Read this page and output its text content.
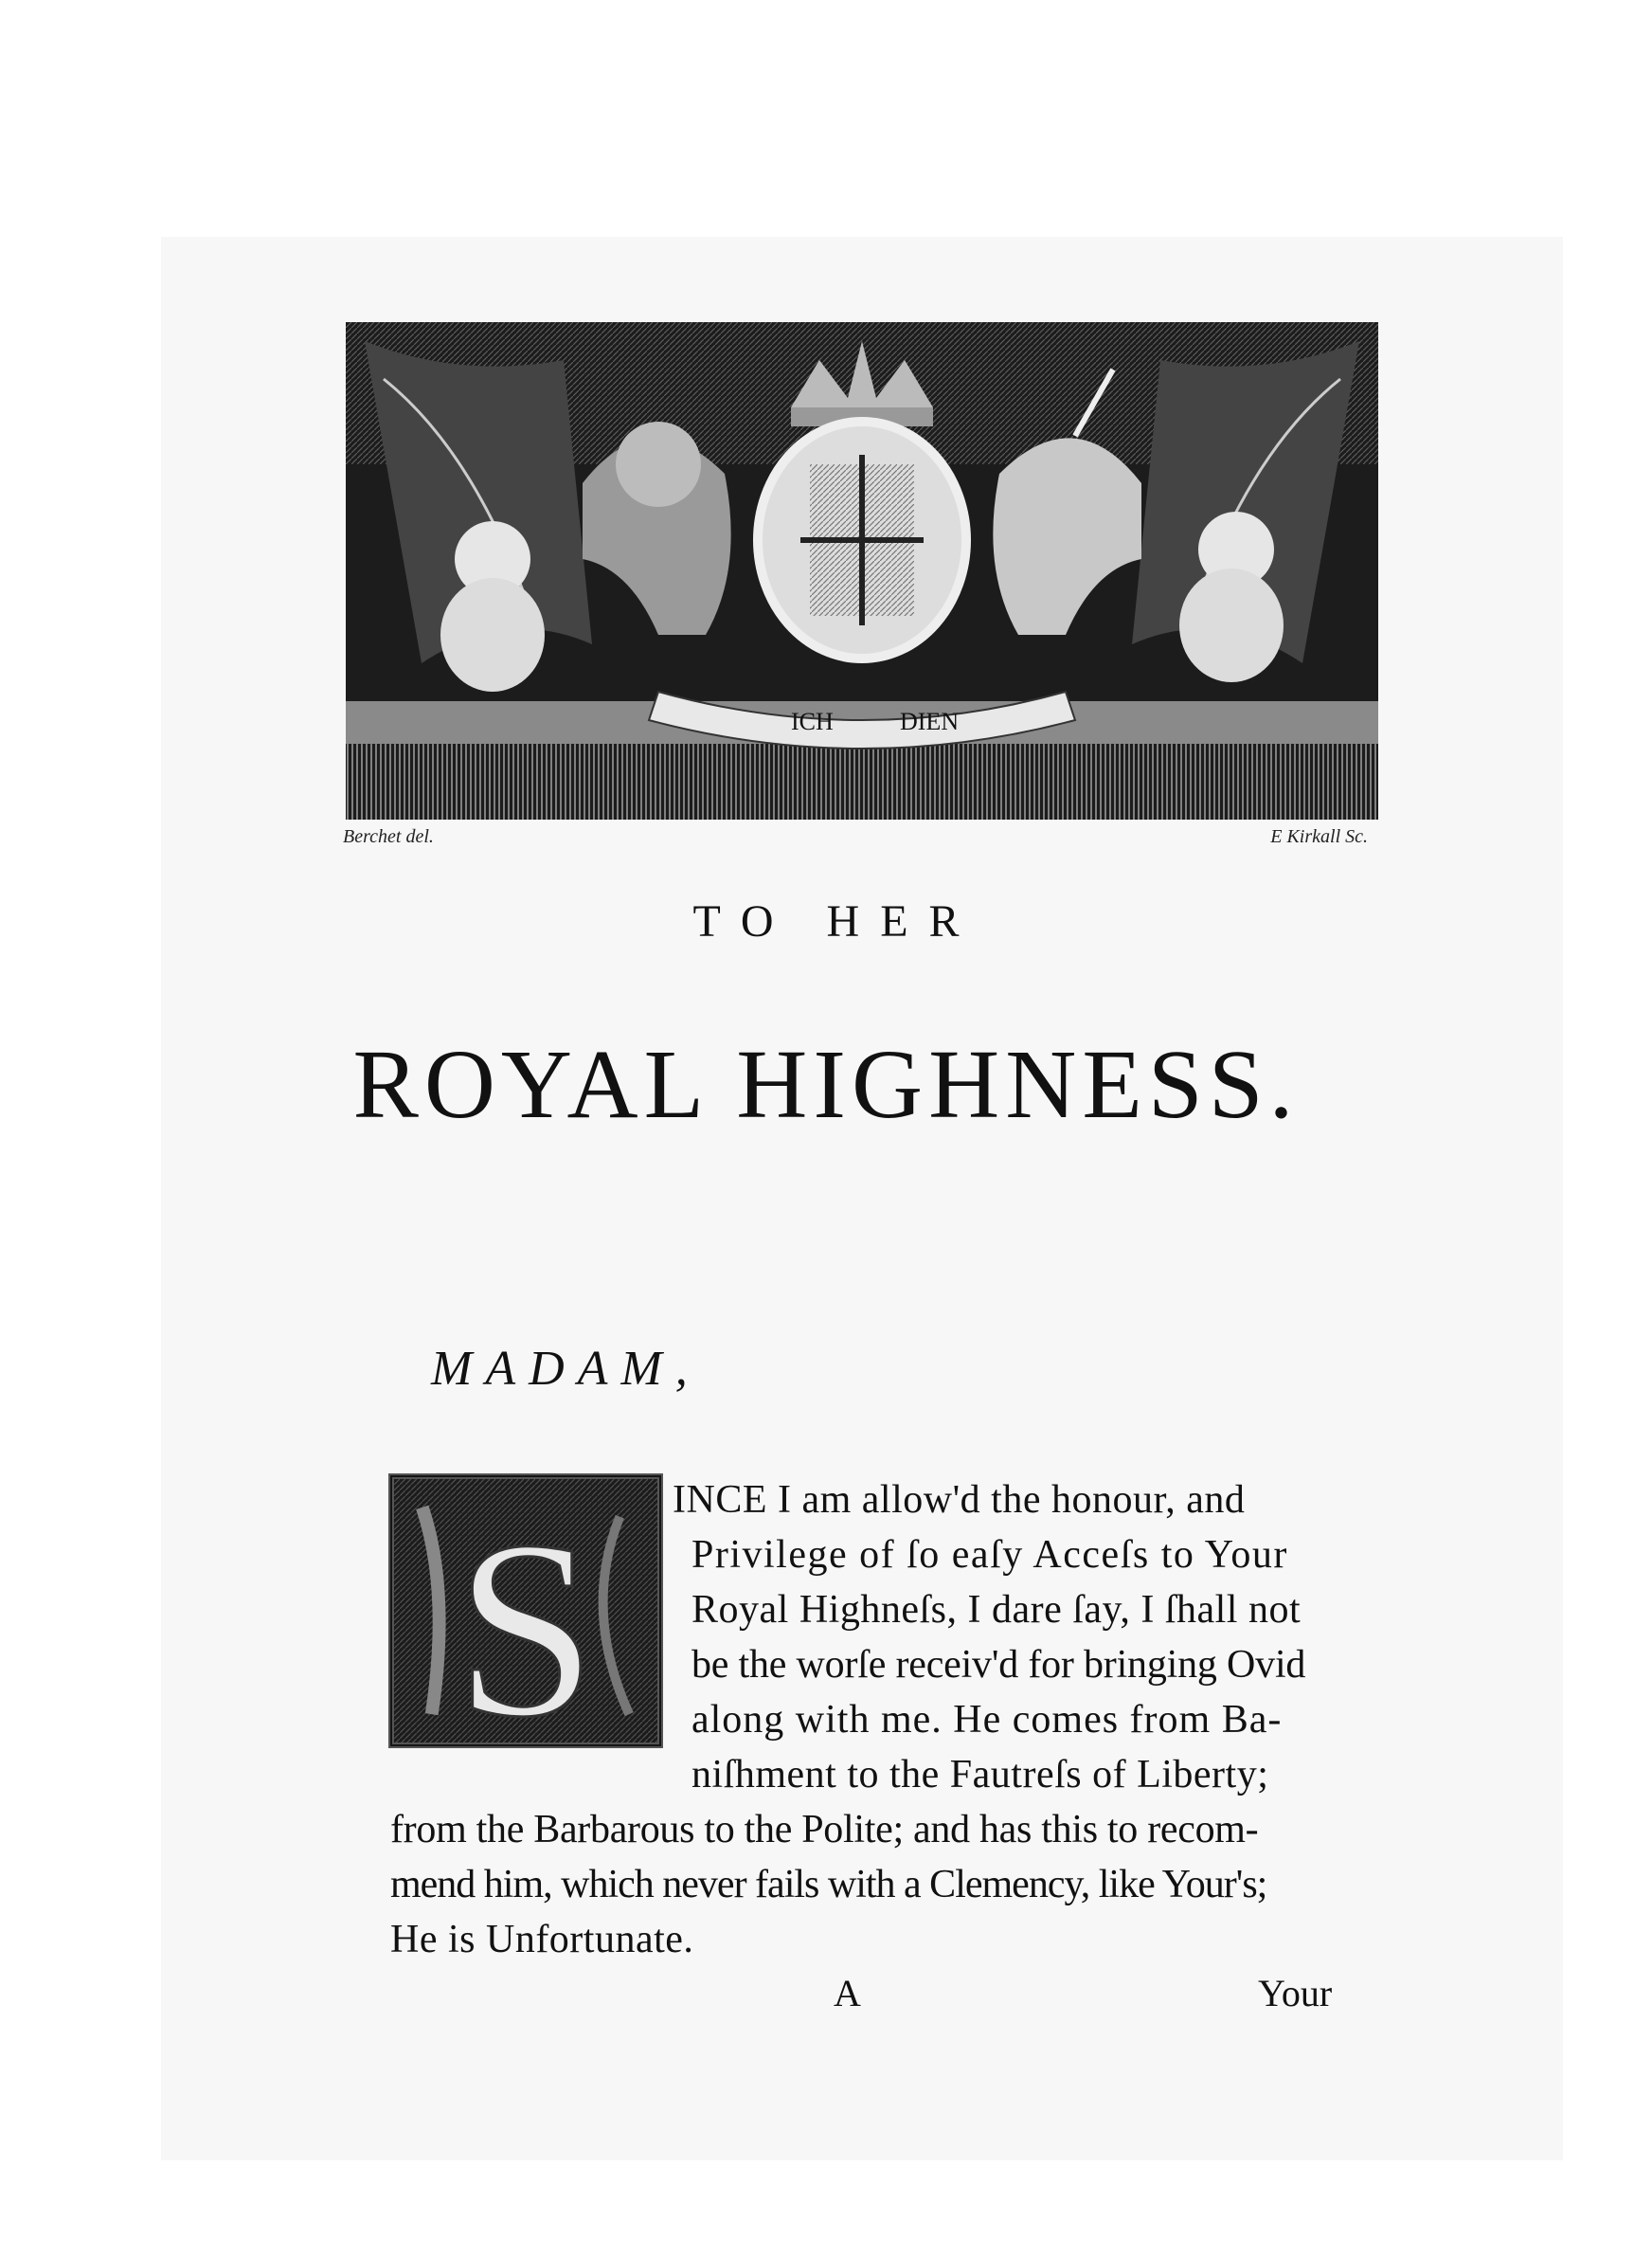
ICH	DIEN
Berchet del.	E Kirkall Sc.
TO HER
ROYAL HIGHNESS.
MADAM,
S INCE I am allow'd the honour, and
Privilege of ſo eaſy Acceſs to Your
Royal Highneſs, I dare ſay, I ſhall not
be the worſe receiv'd for bringing Ovid
along with me. He comes from Ba-
niſhment to the Fautreſs of Liberty;
from the Barbarous to the Polite; and has this to recom-
mend him, which never fails with a Clemency, like Your's;
He is Unfortunate.
A	Your
